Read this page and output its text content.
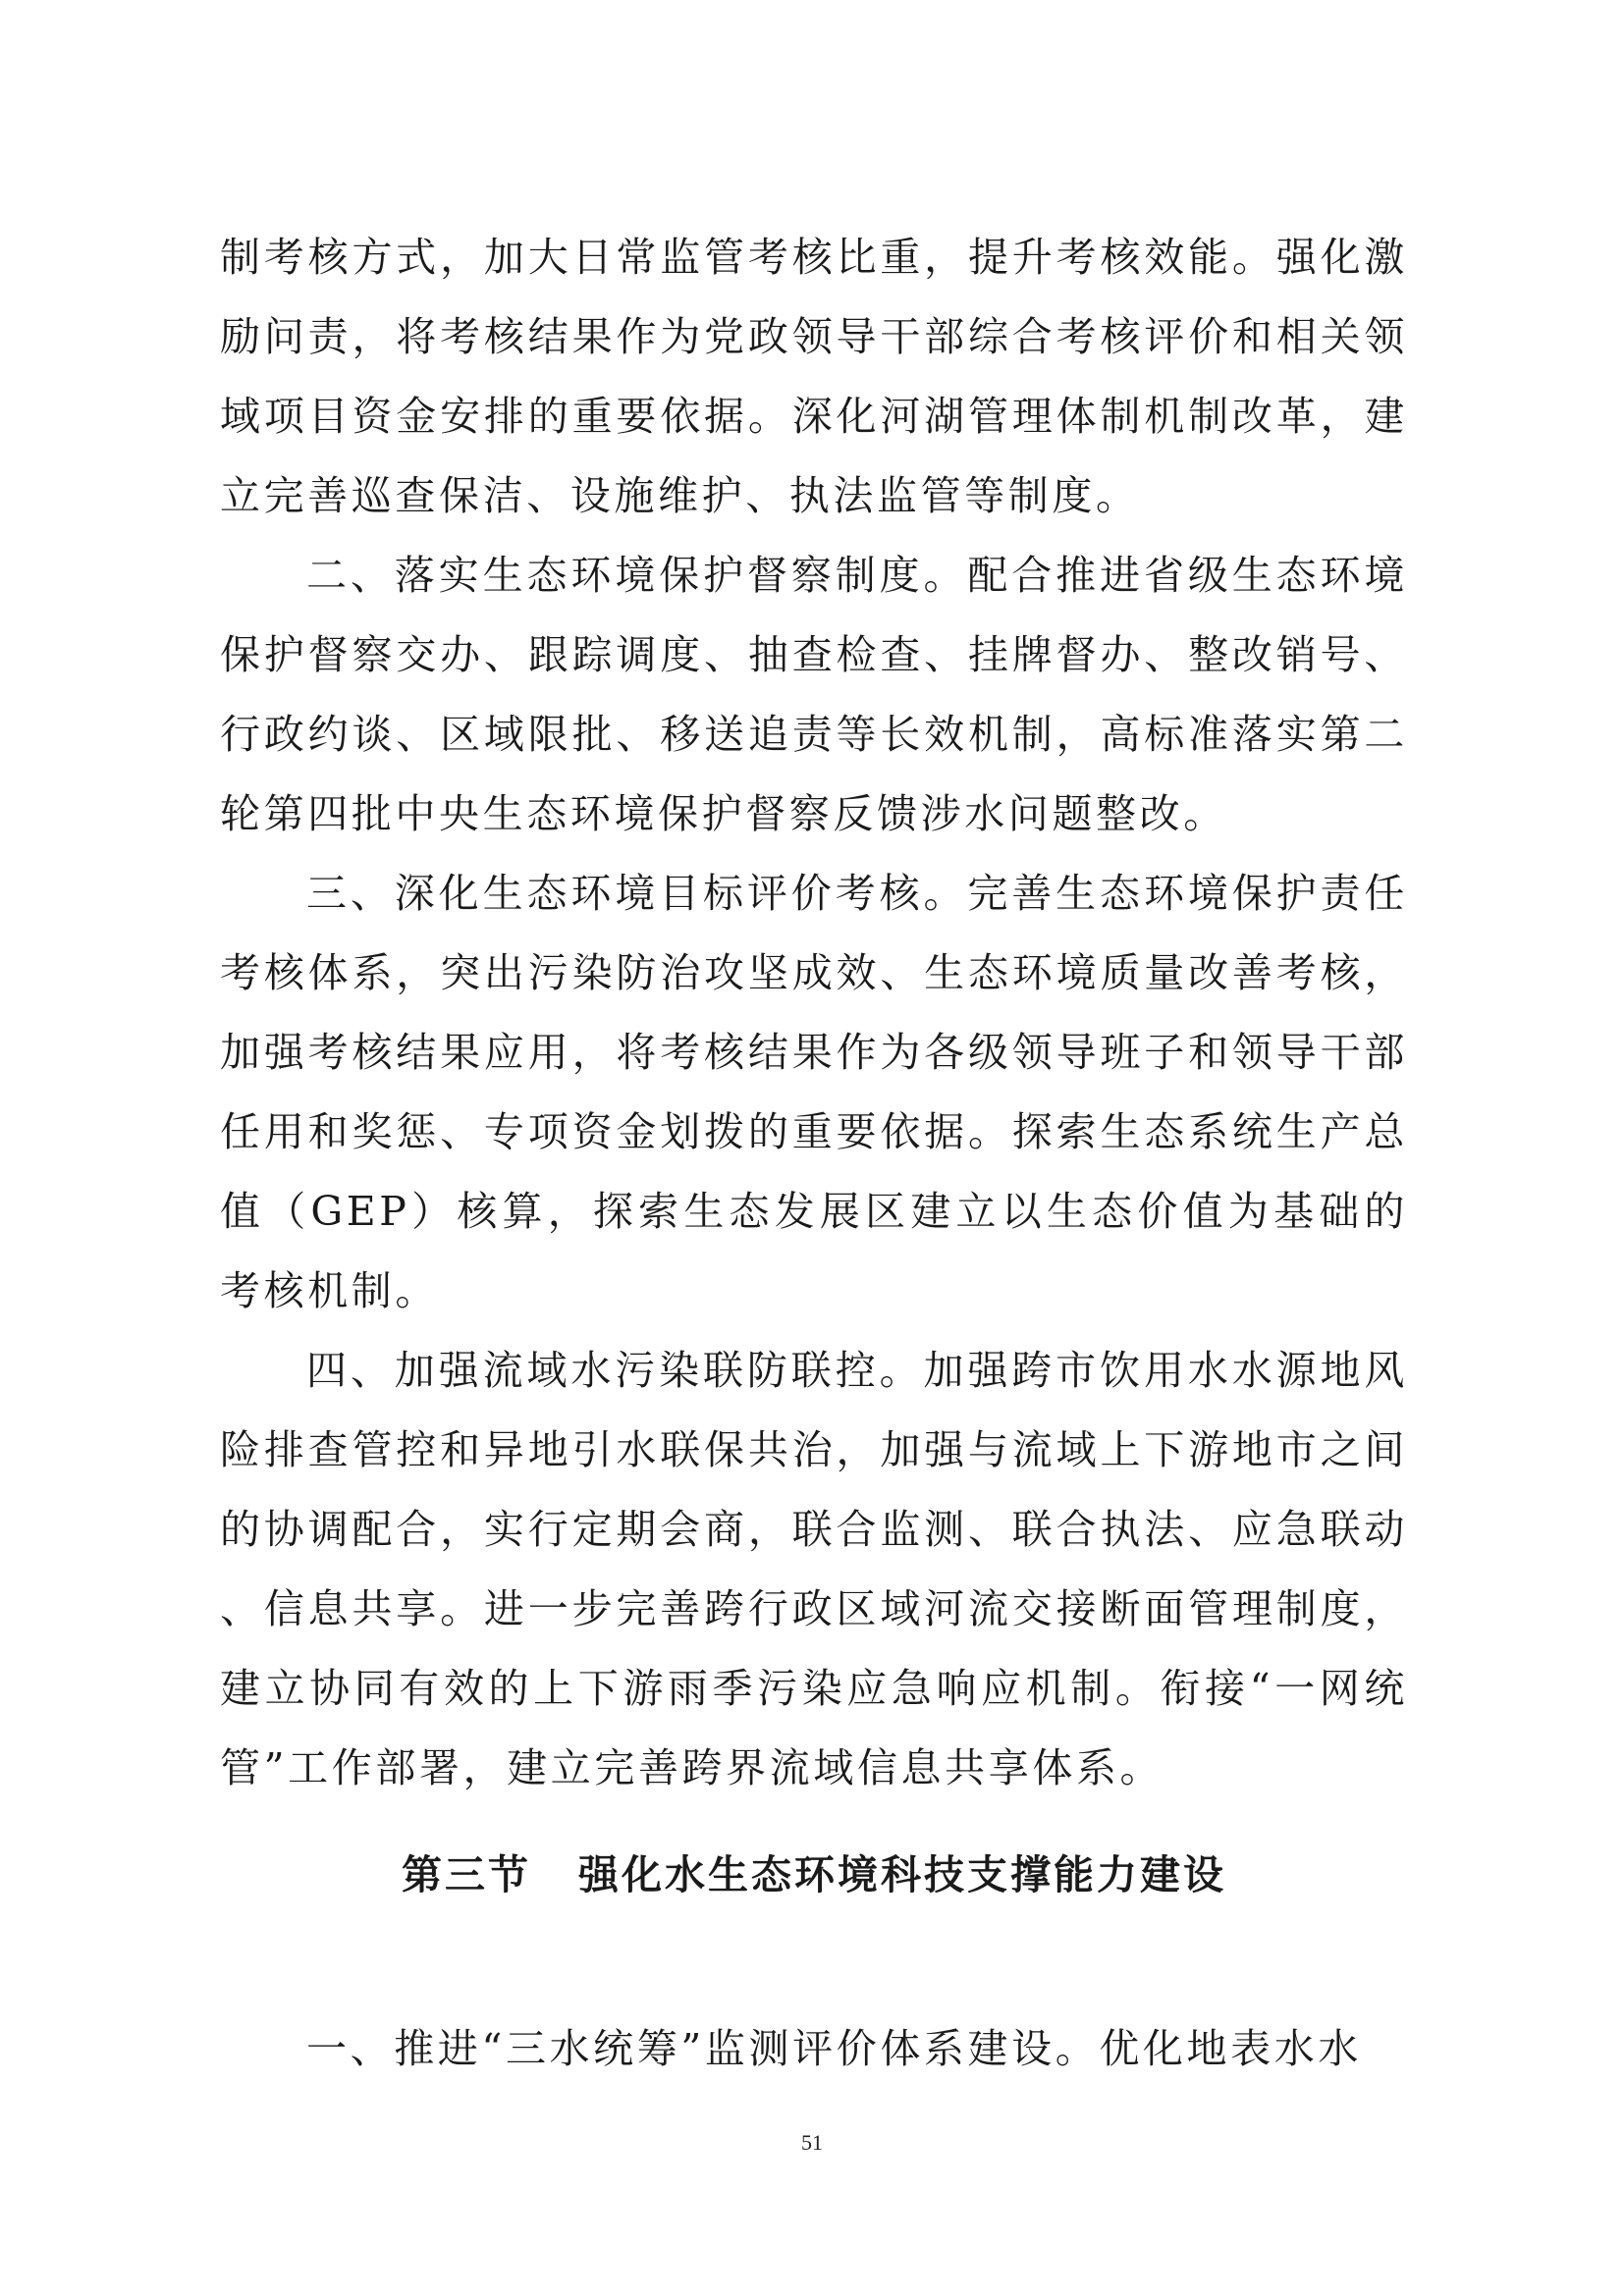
制考核方式，加大日常监管考核比重，提升考核效能。强化激励问责，将考核结果作为党政领导干部综合考核评价和相关领域项目资金安排的重要依据。深化河湖管理体制机制改革，建立完善巡查保洁、设施维护、执法监管等制度。

二、落实生态环境保护督察制度。配合推进省级生态环境保护督察交办、跟踪调度、抽查检查、挂牌督办、整改销号、行政约谈、区域限批、移送追责等长效机制，高标准落实第二轮第四批中央生态环境保护督察反馈涉水问题整改。

三、深化生态环境目标评价考核。完善生态环境保护责任考核体系，突出污染防治攻坚成效、生态环境质量改善考核，加强考核结果应用，将考核结果作为各级领导班子和领导干部任用和奖惩、专项资金划拨的重要依据。探索生态系统生产总值（GEP）核算，探索生态发展区建立以生态价值为基础的考核机制。

四、加强流域水污染联防联控。加强跨市饮用水水源地风险排查管控和异地引水联保共治，加强与流域上下游地市之间的协调配合，实行定期会商，联合监测、联合执法、应急联动、信息共享。进一步完善跨行政区域河流交接断面管理制度，建立协同有效的上下游雨季污染应急响应机制。衔接“一网统管”工作部署，建立完善跨界流域信息共享体系。

第三节 强化水生态环境科技支撑能力建设

一、推进“三水统筹”监测评价体系建设。优化地表水水

51
